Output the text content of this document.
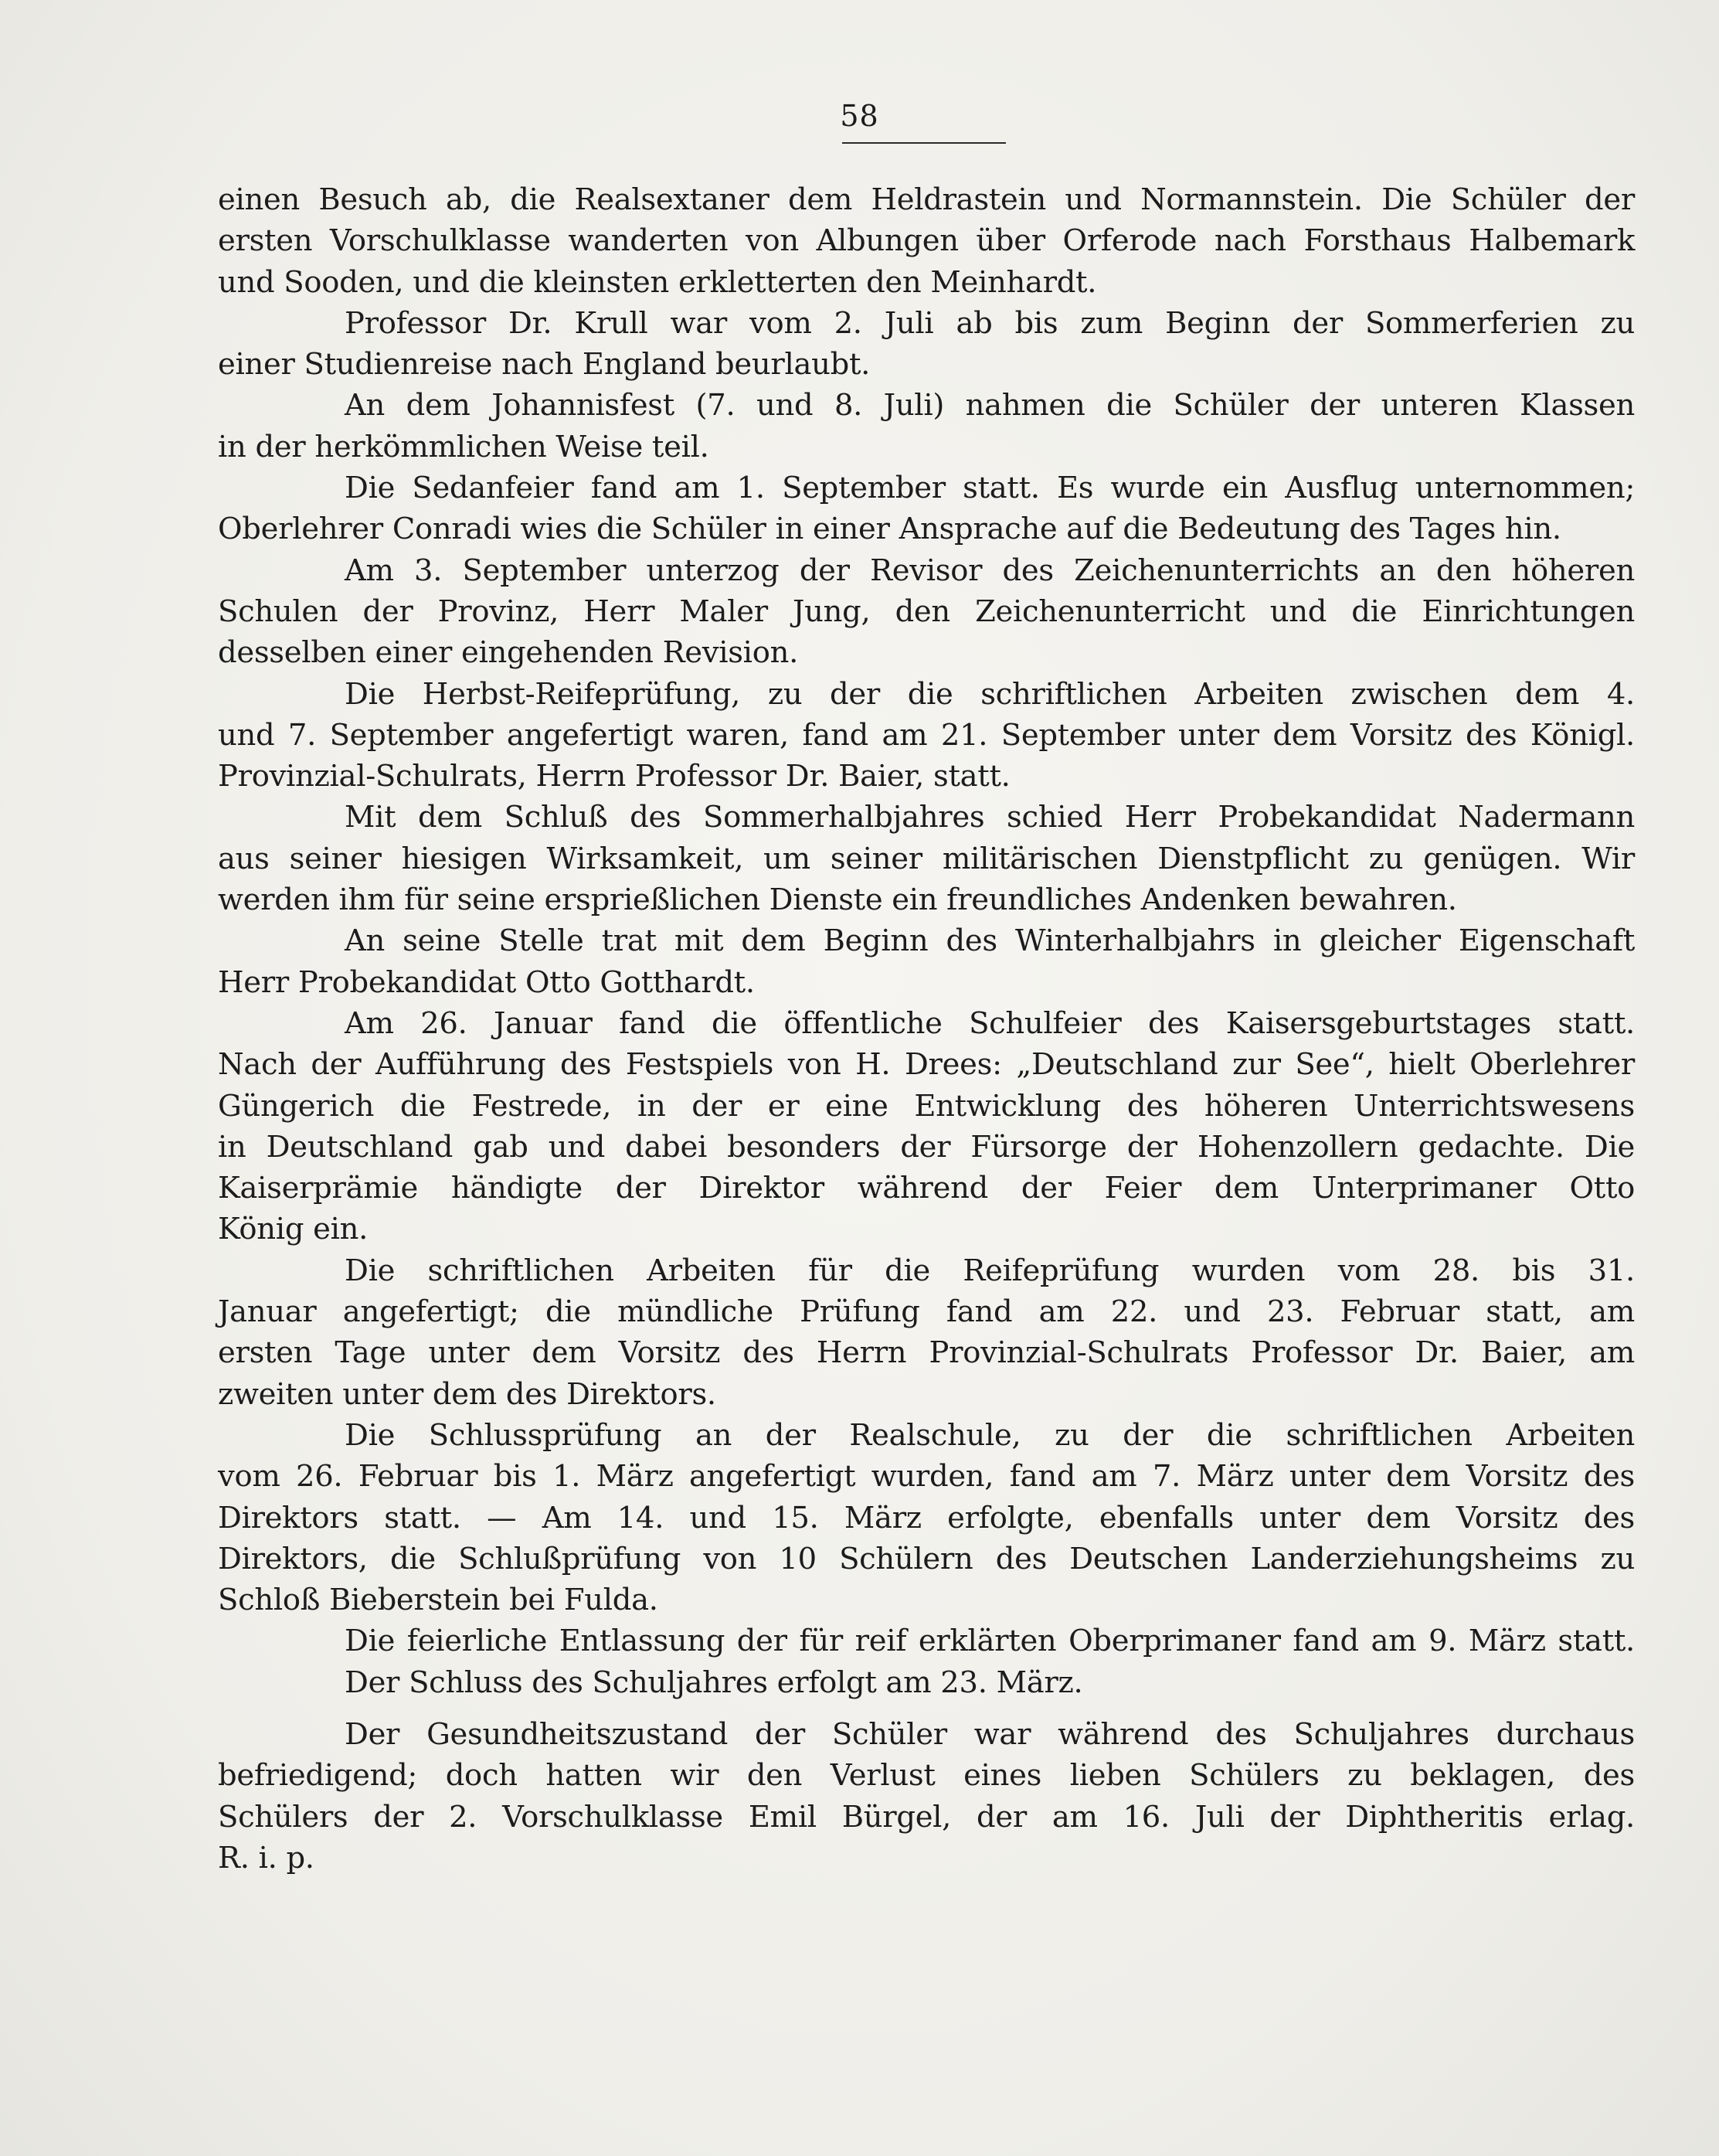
58
einen Besuch ab, die Realsextaner dem Heldrastein und Normannstein. Die Schüler der
ersten Vorschulklasse wanderten von Albungen über Orferode nach Forsthaus Halbemark
und Sooden, und die kleinsten erkletterten den Meinhardt.
Professor Dr. Krull war vom 2. Juli ab bis zum Beginn der Sommerferien zu
einer Studienreise nach England beurlaubt.
An dem Johannisfest (7. und 8. Juli) nahmen die Schüler der unteren Klassen
in der herkömmlichen Weise teil.
Die Sedanfeier fand am 1. September statt. Es wurde ein Ausflug unternommen;
Oberlehrer Conradi wies die Schüler in einer Ansprache auf die Bedeutung des Tages hin.
Am 3. September unterzog der Revisor des Zeichenunterrichts an den höheren
Schulen der Provinz, Herr Maler Jung, den Zeichenunterricht und die Einrichtungen
desselben einer eingehenden Revision.
Die Herbst-Reifeprüfung, zu der die schriftlichen Arbeiten zwischen dem 4.
und 7. September angefertigt waren, fand am 21. September unter dem Vorsitz des Königl.
Provinzial-Schulrats, Herrn Professor Dr. Baier, statt.
Mit dem Schluß des Sommerhalbjahres schied Herr Probekandidat Nadermann
aus seiner hiesigen Wirksamkeit, um seiner militärischen Dienstpflicht zu genügen. Wir
werden ihm für seine ersprießlichen Dienste ein freundliches Andenken bewahren.
An seine Stelle trat mit dem Beginn des Winterhalbjahrs in gleicher Eigenschaft
Herr Probekandidat Otto Gotthardt.
Am 26. Januar fand die öffentliche Schulfeier des Kaisersgeburtstages statt.
Nach der Aufführung des Festspiels von H. Drees: „Deutschland zur See“, hielt Oberlehrer
Güngerich die Festrede, in der er eine Entwicklung des höheren Unterrichtswesens
in Deutschland gab und dabei besonders der Fürsorge der Hohenzollern gedachte. Die
Kaiserprämie händigte der Direktor während der Feier dem Unterprimaner Otto
König ein.
Die schriftlichen Arbeiten für die Reifeprüfung wurden vom 28. bis 31.
Januar angefertigt; die mündliche Prüfung fand am 22. und 23. Februar statt, am
ersten Tage unter dem Vorsitz des Herrn Provinzial-Schulrats Professor Dr. Baier, am
zweiten unter dem des Direktors.
Die Schlussprüfung an der Realschule, zu der die schriftlichen Arbeiten
vom 26. Februar bis 1. März angefertigt wurden, fand am 7. März unter dem Vorsitz des
Direktors statt. — Am 14. und 15. März erfolgte, ebenfalls unter dem Vorsitz des
Direktors, die Schlußprüfung von 10 Schülern des Deutschen Landerziehungsheims zu
Schloß Bieberstein bei Fulda.
Die feierliche Entlassung der für reif erklärten Oberprimaner fand am 9. März statt.
Der Schluss des Schuljahres erfolgt am 23. März.
Der Gesundheitszustand der Schüler war während des Schuljahres durchaus
befriedigend; doch hatten wir den Verlust eines lieben Schülers zu beklagen, des
Schülers der 2. Vorschulklasse Emil Bürgel, der am 16. Juli der Diphtheritis erlag.
R. i. p.
